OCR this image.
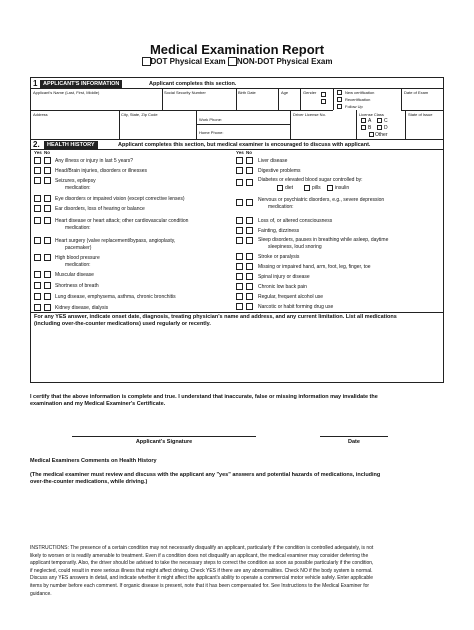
Medical Examination Report
DOT Physical Exam NON-DOT Physical Exam
1	APPLICANT'S INFORMATION	Applicant completes this section.
Applicant's Name (Last, First, Middle)	Social Security Number	Birth Date	Age	Gender	Date of Exam
New certification
Recertification
Follow Up
Address	City, State, Zip Code
Work Phone:
Home Phone:
Driver License No.	License Class	State of Issue
A	C
B	D
Other
2.	HEALTH HISTORY	Applicant completes this section, but medical examiner is encouraged to discuss with applicant.
Yes No	Yes No
Any illness or injury in last 5 years?
Head/Brain injuries, disorders or illnesses
Seizures, epilepsy
medication:
Eye disorders or impaired vision (except corrective lenses)
Ear disorders, loss of hearing or balance
Heart disease or heart attack; other cardiovascular condition
medication:
Heart surgery (valve replacement/bypass, angioplasty,
pacemaker)
High blood pressure
medication:
Muscular disease
Shortness of breath
Lung disease, emphysema, asthma, chronic bronchitis
Kidney disease, dialysis
Liver disease
Digestive problems
Diabetes or elevated blood sugar controlled by:
diet	pills	insulin
Nervous or psychiatric disorders, e.g., severe depression
medication:
Loss of, or altered consciousness
Fainting, dizziness
Sleep disorders, pauses in breathing while asleep, daytime
sleepiness, loud snoring
Stroke or paralysis
Missing or impaired hand, arm, foot, leg, finger, toe
Spinal injury or disease
Chronic low back pain
Regular, frequent alcohol use
Narcotic or habit forming drug use
For any YES answer, indicate onset date, diagnosis, treating physician's name and address, and any current limitation. List all medications
(including over-the-counter medications) used regularly or recently.
I certify that the above information is complete and true. I understand that inaccurate, false or missing information may invalidate the
examination and my Medical Examiner's Certificate.
Applicant's Signature	Date
Medical Examiners Comments on Health History
(The medical examiner must review and discuss with the applicant any "yes" answers and potential hazards of medications, including
over-the-counter medications, while driving.)
INSTRUCTIONS: The presence of a certain condition may not necessarily disqualify an applicant, particularly if the condition is controlled adequately, is not
likely to worsen or is readily amenable to treatment. Even if a condition does not disqualify an applicant, the medical examiner may consider deferring the
applicant temporarily. Also, the driver should be advised to take the necessary steps to correct the condition as soon as possible particularly if the condition,
if neglected, could result in more serious illness that might affect driving. Check YES if there are any abnormalities. Check NO if the body system is normal.
Discuss any YES answers in detail, and indicate whether it might affect the applicant's ability to operate a commercial motor vehicle safely. Enter applicable
items by number before each comment. If organic disease is present, note that it has been compensated for. See Instructions to the Medical Examiner for
guidance.
